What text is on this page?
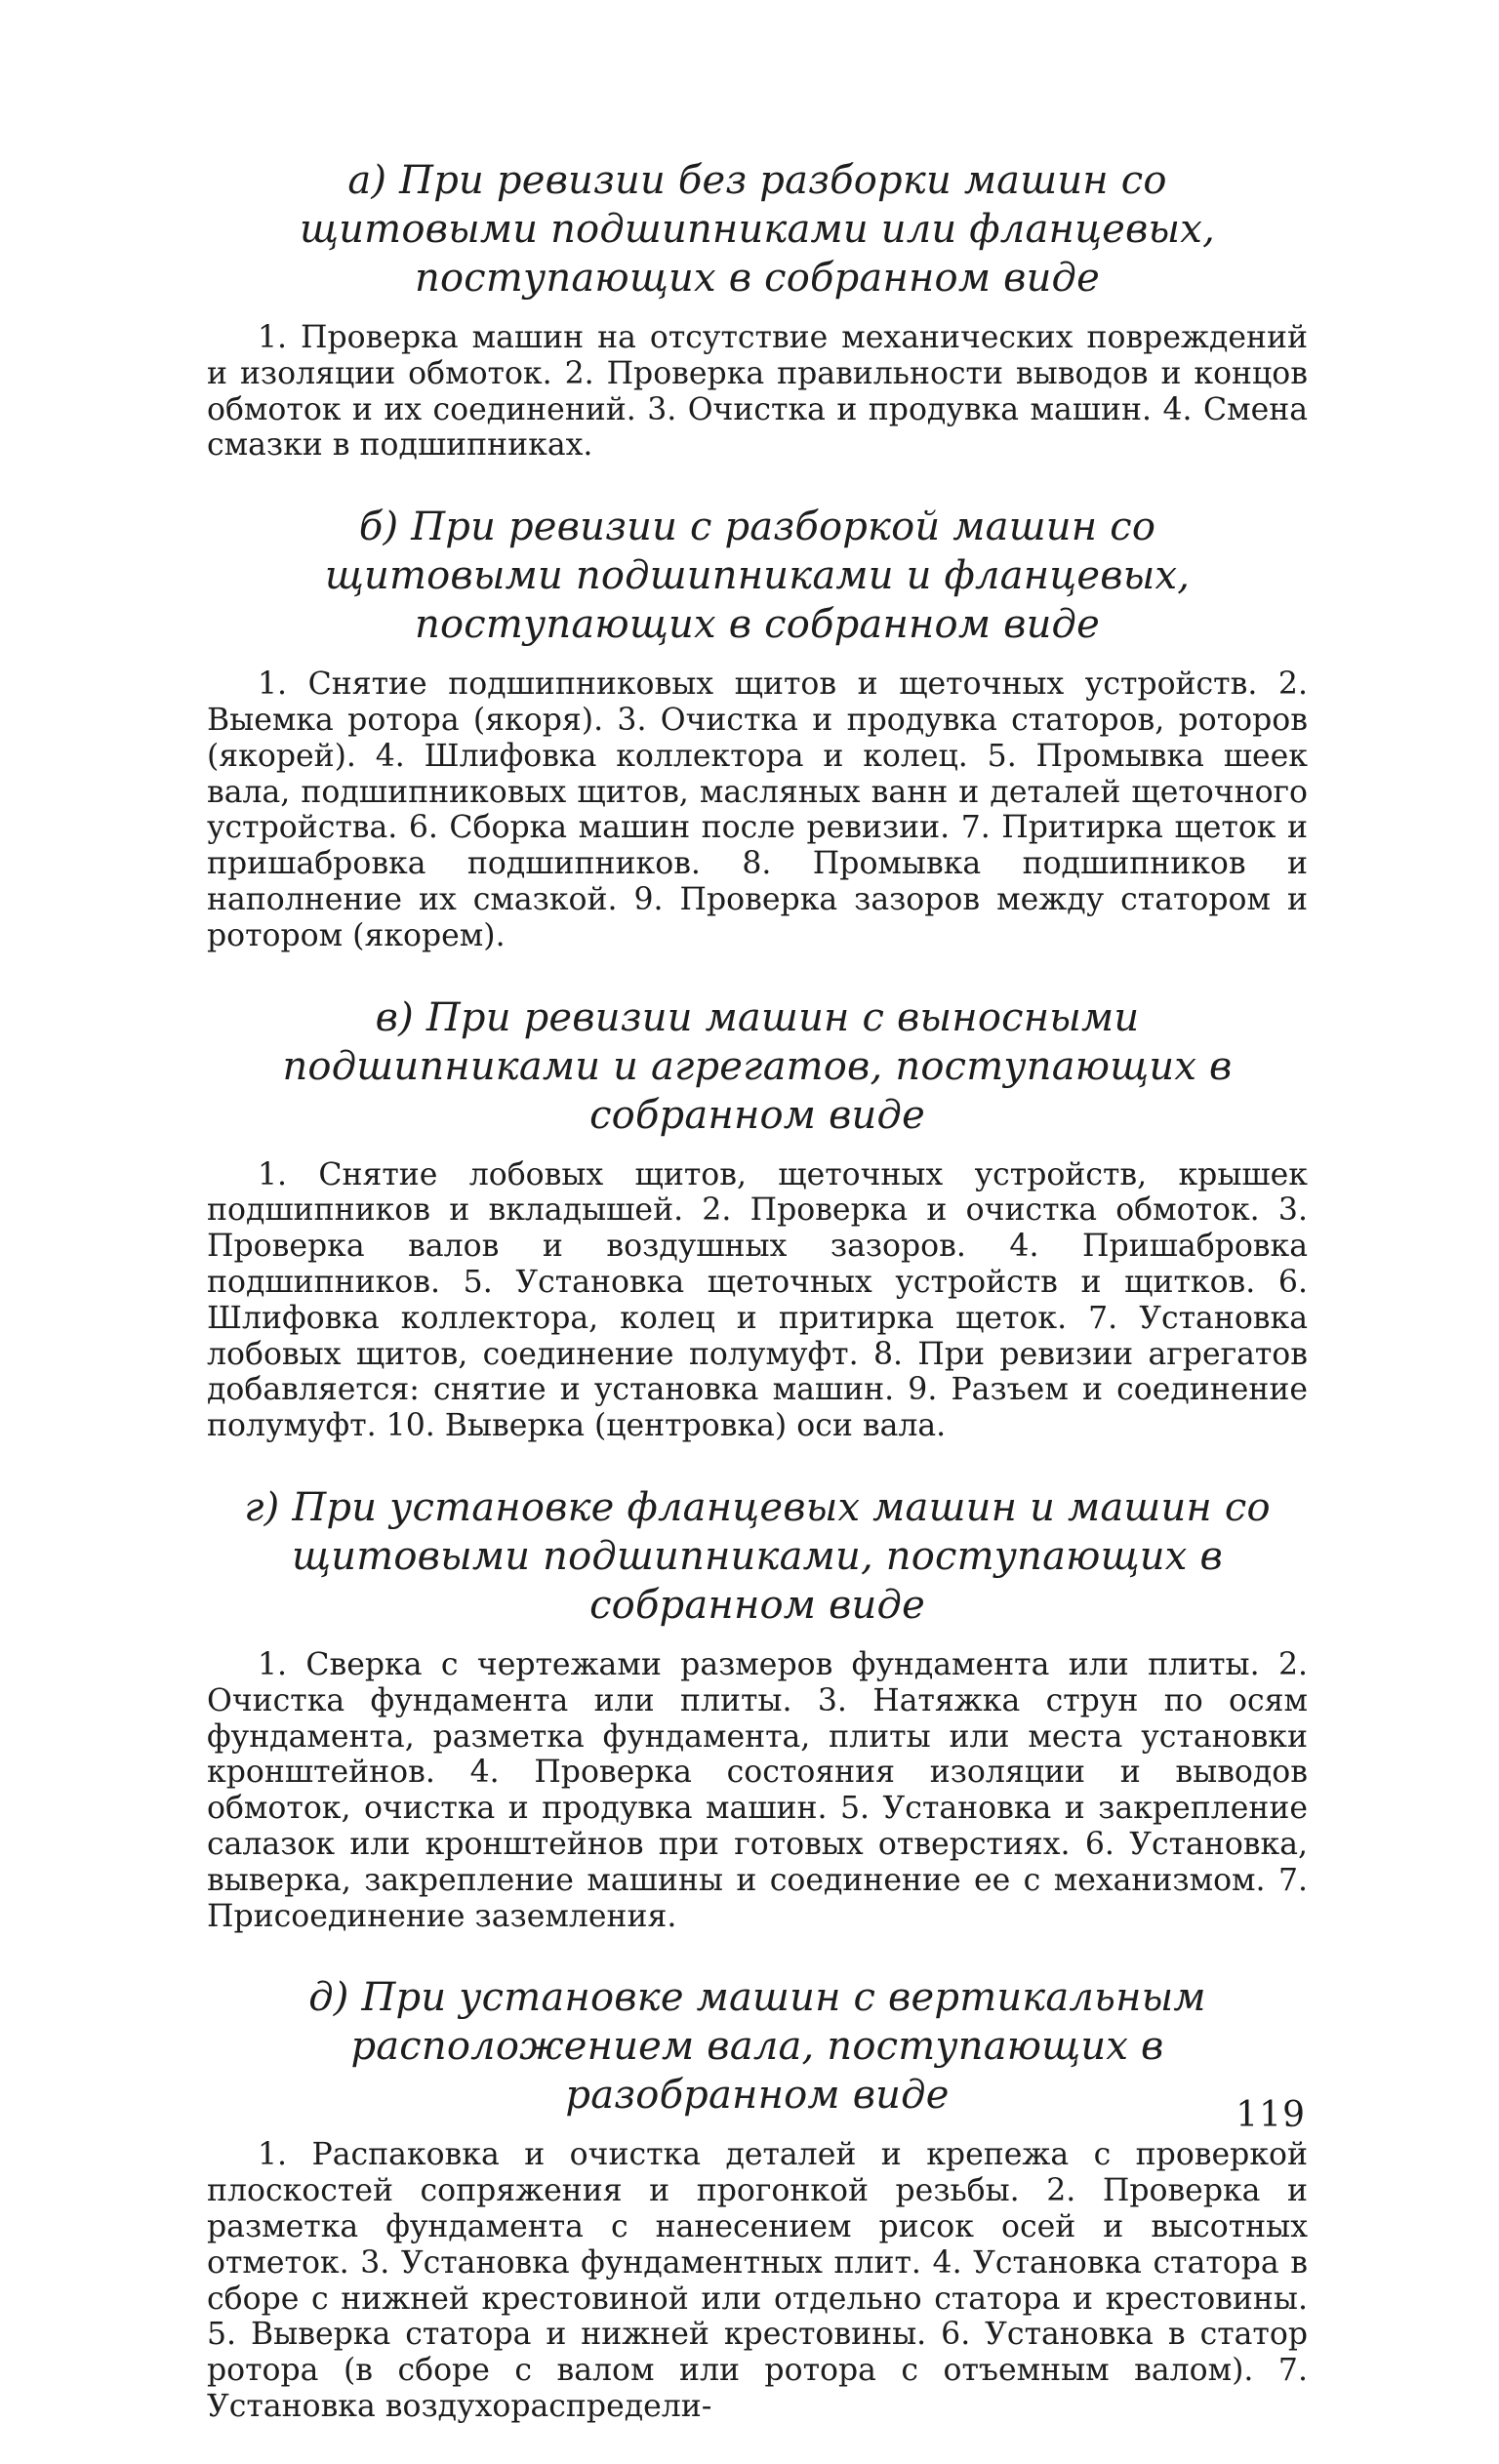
а) При ревизии без разборки машин со щитовыми подшипниками или фланцевых, поступающих в собранном виде

1. Проверка машин на отсутствие механических повреждений и изоляции обмоток. 2. Проверка правильности выводов и концов обмоток и их соединений. 3. Очистка и продувка машин. 4. Смена смазки в подшипниках.

б) При ревизии с разборкой машин со щитовыми подшипниками и фланцевых, поступающих в собранном виде

1. Снятие подшипниковых щитов и щеточных устройств. 2. Выемка ротора (якоря). 3. Очистка и продувка статоров, роторов (якорей). 4. Шлифовка коллектора и колец. 5. Промывка шеек вала, подшипниковых щитов, масляных ванн и деталей щеточного устройства. 6. Сборка машин после ревизии. 7. Притирка щеток и пришабровка подшипников. 8. Промывка подшипников и наполнение их смазкой. 9. Проверка зазоров между статором и ротором (якорем).

в) При ревизии машин с выносными подшипниками и агрегатов, поступающих в собранном виде

1. Снятие лобовых щитов, щеточных устройств, крышек подшипников и вкладышей. 2. Проверка и очистка обмоток. 3. Проверка валов и воздушных зазоров. 4. Пришабровка подшипников. 5. Установка щеточных устройств и щитков. 6. Шлифовка коллектора, колец и притирка щеток. 7. Установка лобовых щитов, соединение полумуфт. 8. При ревизии агрегатов добавляется: снятие и установка машин. 9. Разъем и соединение полумуфт. 10. Выверка (центровка) оси вала.

г) При установке фланцевых машин и машин со щитовыми подшипниками, поступающих в собранном виде

1. Сверка с чертежами размеров фундамента или плиты. 2. Очистка фундамента или плиты. 3. Натяжка струн по осям фундамента, разметка фундамента, плиты или места установки кронштейнов. 4. Проверка состояния изоляции и выводов обмоток, очистка и продувка машин. 5. Установка и закрепление салазок или кронштейнов при готовых отверстиях. 6. Установка, выверка, закрепление машины и соединение ее с механизмом. 7. Присоединение заземления.

д) При установке машин с вертикальным расположением вала, поступающих в разобранном виде

1. Распаковка и очистка деталей и крепежа с проверкой плоскостей сопряжения и прогонкой резьбы. 2. Проверка и разметка фундамента с нанесением рисок осей и высотных отметок. 3. Установка фундаментных плит. 4. Установка статора в сборе с нижней крестовиной или отдельно статора и крестовины. 5. Выверка статора и нижней крестовины. 6. Установка в статор ротора (в сборе с валом или ротора с отъемным валом). 7. Установка воздухораспредели-

119
